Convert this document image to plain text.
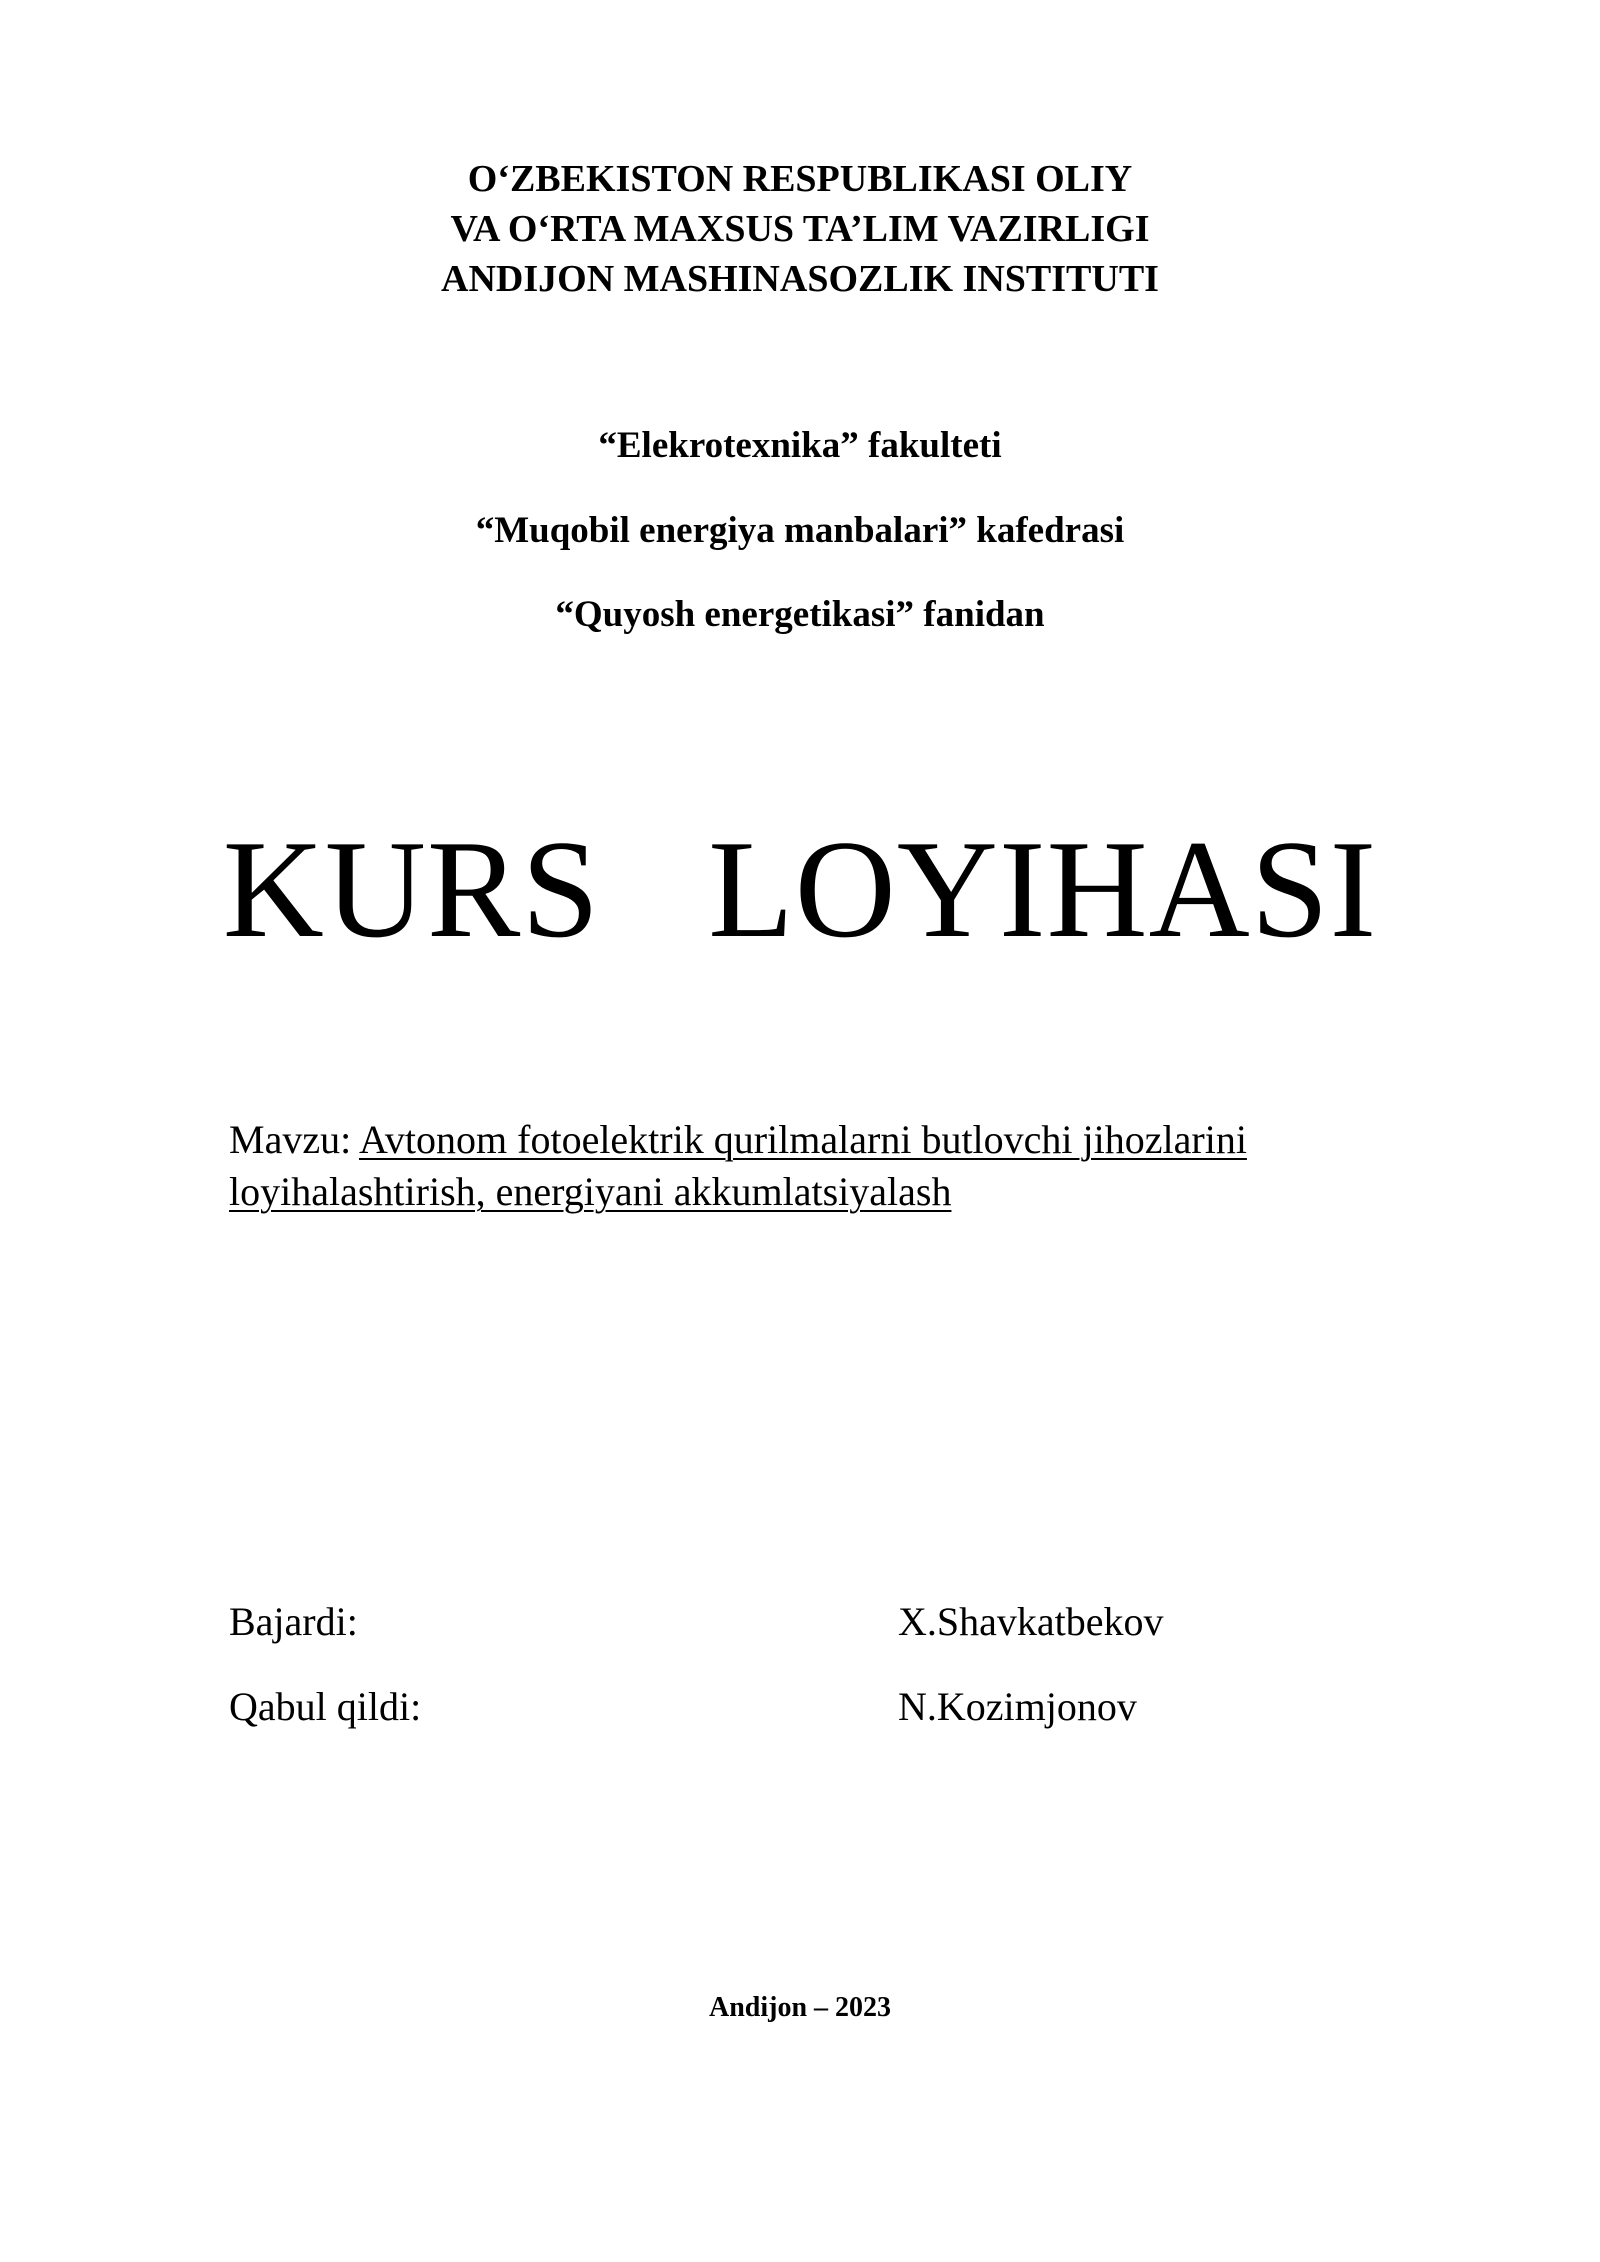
O‘ZBEKISTON RESPUBLIKASI OLIY
VA O‘RTA MAXSUS TA’LIM VAZIRLIGI
ANDIJON MASHINASOZLIK INSTITUTI
“Elekrotexnika” fakulteti
“Muqobil energiya manbalari” kafedrasi
“Quyosh energetikasi” fanidan
KURS   LOYIHASI
Mavzu: Avtonom fotoelektrik qurilmalarni butlovchi jihozlarini
loyihalashtirish, energiyani akkumlatsiyalash
Bajardi:	X.Shavkatbekov
Qabul qildi:	N.Kozimjonov
Andijon – 2023
